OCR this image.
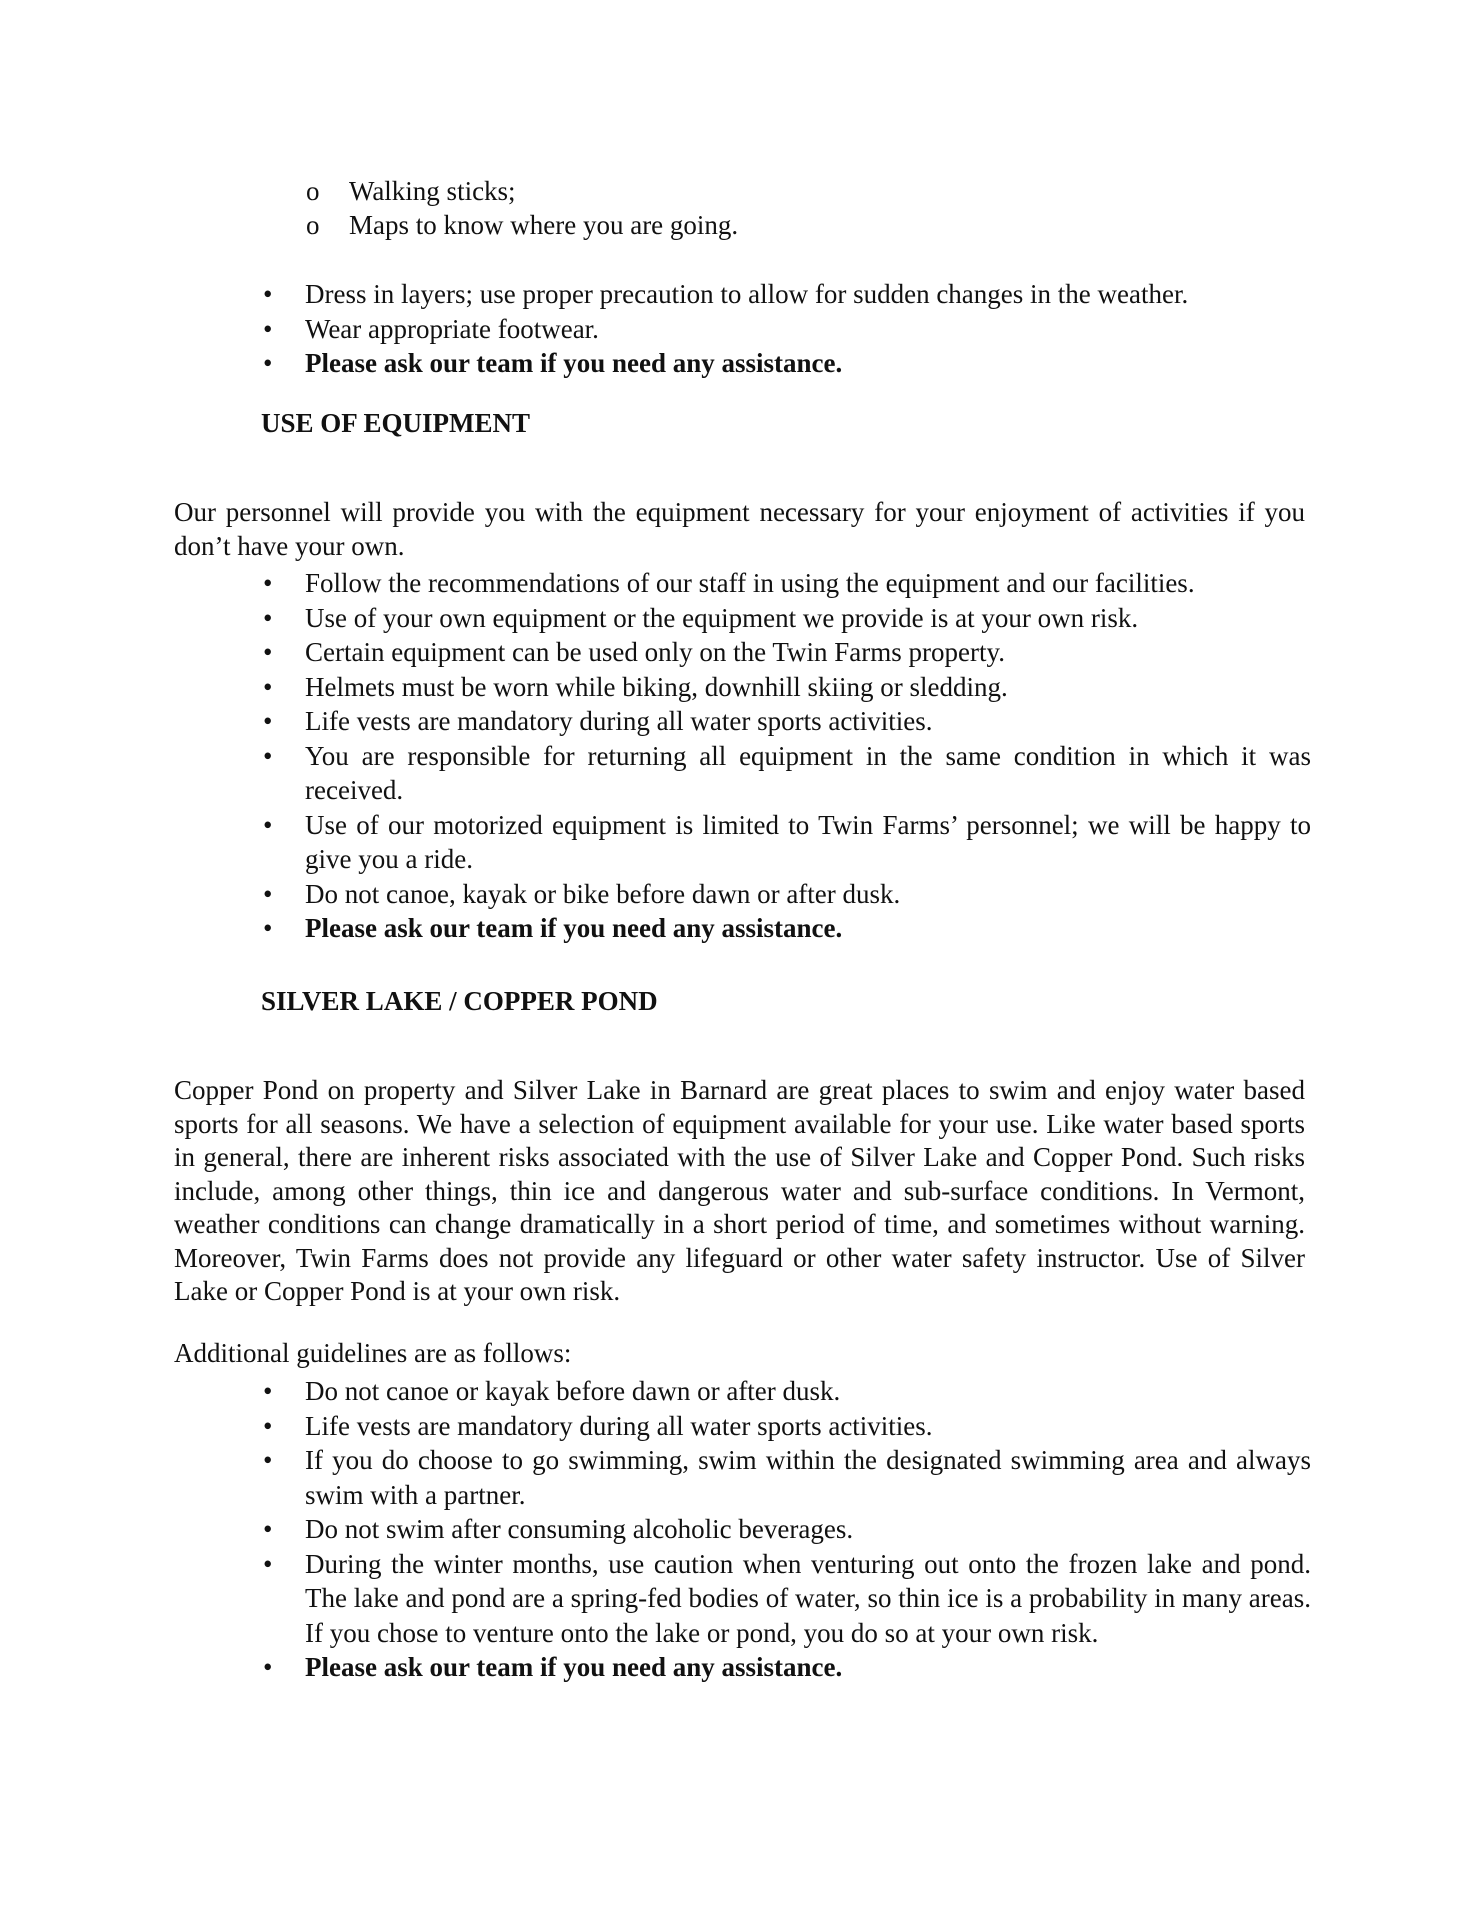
o Walking sticks;
o Maps to know where you are going.
• Dress in layers; use proper precaution to allow for sudden changes in the weather.
• Wear appropriate footwear.
• Please ask our team if you need any assistance.
USE OF EQUIPMENT

Our personnel will provide you with the equipment necessary for your enjoyment of activities if you don’t have your own.

• Follow the recommendations of our staff in using the equipment and our facilities.
• Use of your own equipment or the equipment we provide is at your own risk.
• Certain equipment can be used only on the Twin Farms property.
• Helmets must be worn while biking, downhill skiing or sledding.
• Life vests are mandatory during all water sports activities.
• You are responsible for returning all equipment in the same condition in which it was received.
• Use of our motorized equipment is limited to Twin Farms’ personnel; we will be happy to give you a ride.
• Do not canoe, kayak or bike before dawn or after dusk.
• Please ask our team if you need any assistance.
SILVER LAKE / COPPER POND

Copper Pond on property and Silver Lake in Barnard are great places to swim and enjoy water based sports for all seasons. We have a selection of equipment available for your use. Like water based sports in general, there are inherent risks associated with the use of Silver Lake and Copper Pond. Such risks include, among other things, thin ice and dangerous water and sub-surface conditions. In Vermont, weather conditions can change dramatically in a short period of time, and sometimes without warning. Moreover, Twin Farms does not provide any lifeguard or other water safety instructor. Use of Silver Lake or Copper Pond is at your own risk.

Additional guidelines are as follows:

• Do not canoe or kayak before dawn or after dusk.
• Life vests are mandatory during all water sports activities.
• If you do choose to go swimming, swim within the designated swimming area and always swim with a partner.
• Do not swim after consuming alcoholic beverages.
• During the winter months, use caution when venturing out onto the frozen lake and pond. The lake and pond are a spring-fed bodies of water, so thin ice is a probability in many areas. If you chose to venture onto the lake or pond, you do so at your own risk.
• Please ask our team if you need any assistance.
